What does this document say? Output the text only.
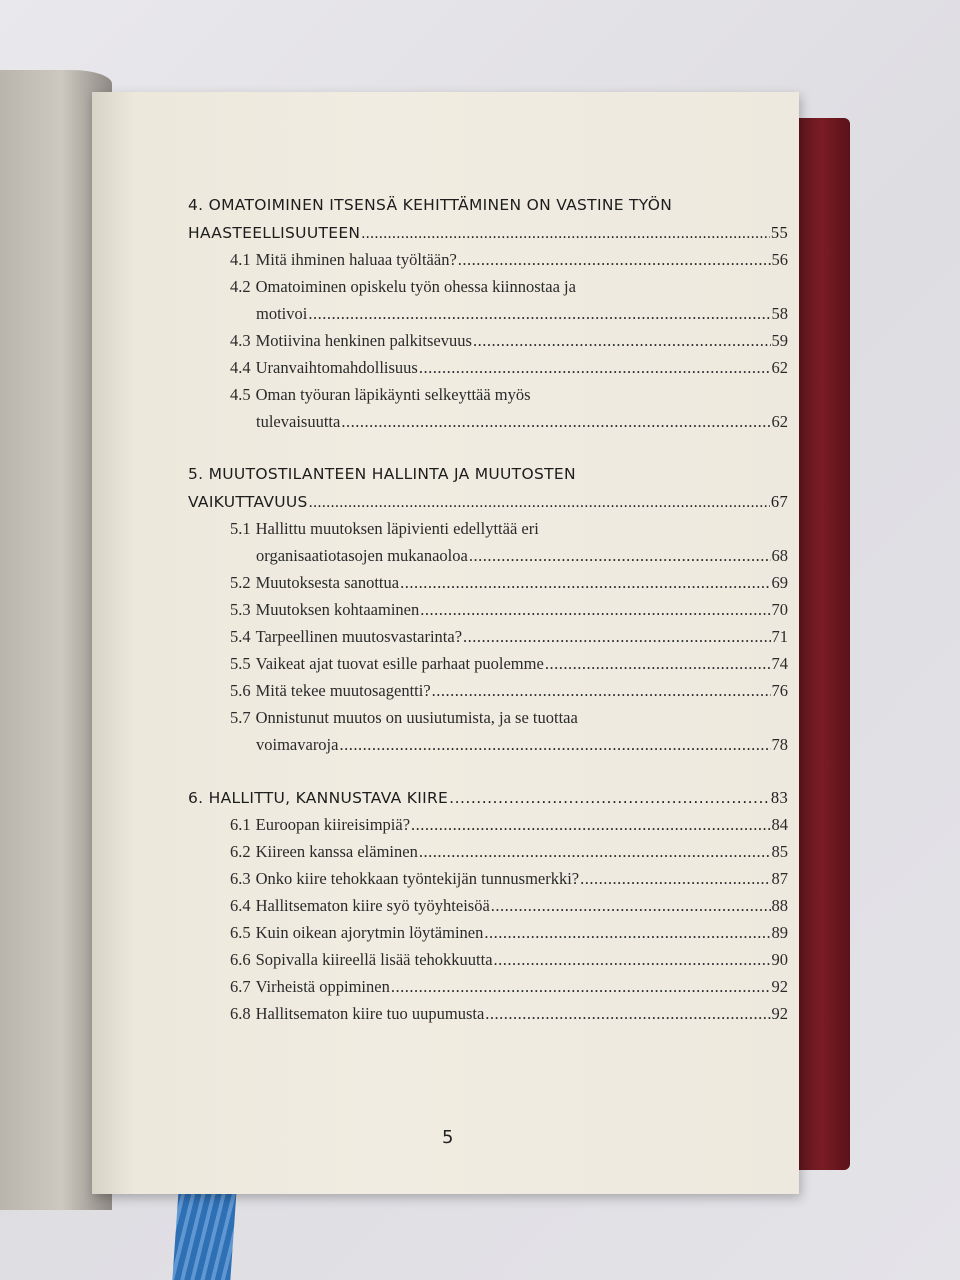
4. OMATOIMINEN ITSENSÄ KEHITTÄMINEN ON VASTINE TYÖN
HAASTEELLISUUTEEN .....	55
4.1 Mitä ihminen haluaa työltään? .....	56
4.2 Omatoiminen opiskelu työn ohessa kiinnostaa ja
motivoi .....	58
4.3 Motiivina henkinen palkitsevuus .....	59
4.4 Uranvaihtomahdollisuus .....	62
4.5 Oman työuran läpikäynti selkeyttää myös
tulevaisuutta .....	62
5. MUUTOSTILANTEEN HALLINTA JA MUUTOSTEN
VAIKUTTAVUUS .....	67
5.1 Hallittu muutoksen läpivienti edellyttää eri
organisaatiotasojen mukanaoloa .....	68
5.2 Muutoksesta sanottua .....	69
5.3 Muutoksen kohtaaminen .....	70
5.4 Tarpeellinen muutosvastarinta? .....	71
5.5 Vaikeat ajat tuovat esille parhaat puolemme .....	74
5.6 Mitä tekee muutosagentti? .....	76
5.7 Onnistunut muutos on uusiutumista, ja se tuottaa
voimavaroja .....	78
6. HALLITTU, KANNUSTAVA KIIRE .....	83
6.1 Euroopan kiireisimpiä? .....	84
6.2 Kiireen kanssa eläminen .....	85
6.3 Onko kiire tehokkaan työntekijän tunnusmerkki? .....	87
6.4 Hallitsematon kiire syö työyhteisöä .....	88
6.5 Kuin oikean ajorytmin löytäminen .....	89
6.6 Sopivalla kiireellä lisää tehokkuutta .....	90
6.7 Virheistä oppiminen .....	92
6.8 Hallitsematon kiire tuo uupumusta .....	92
5
